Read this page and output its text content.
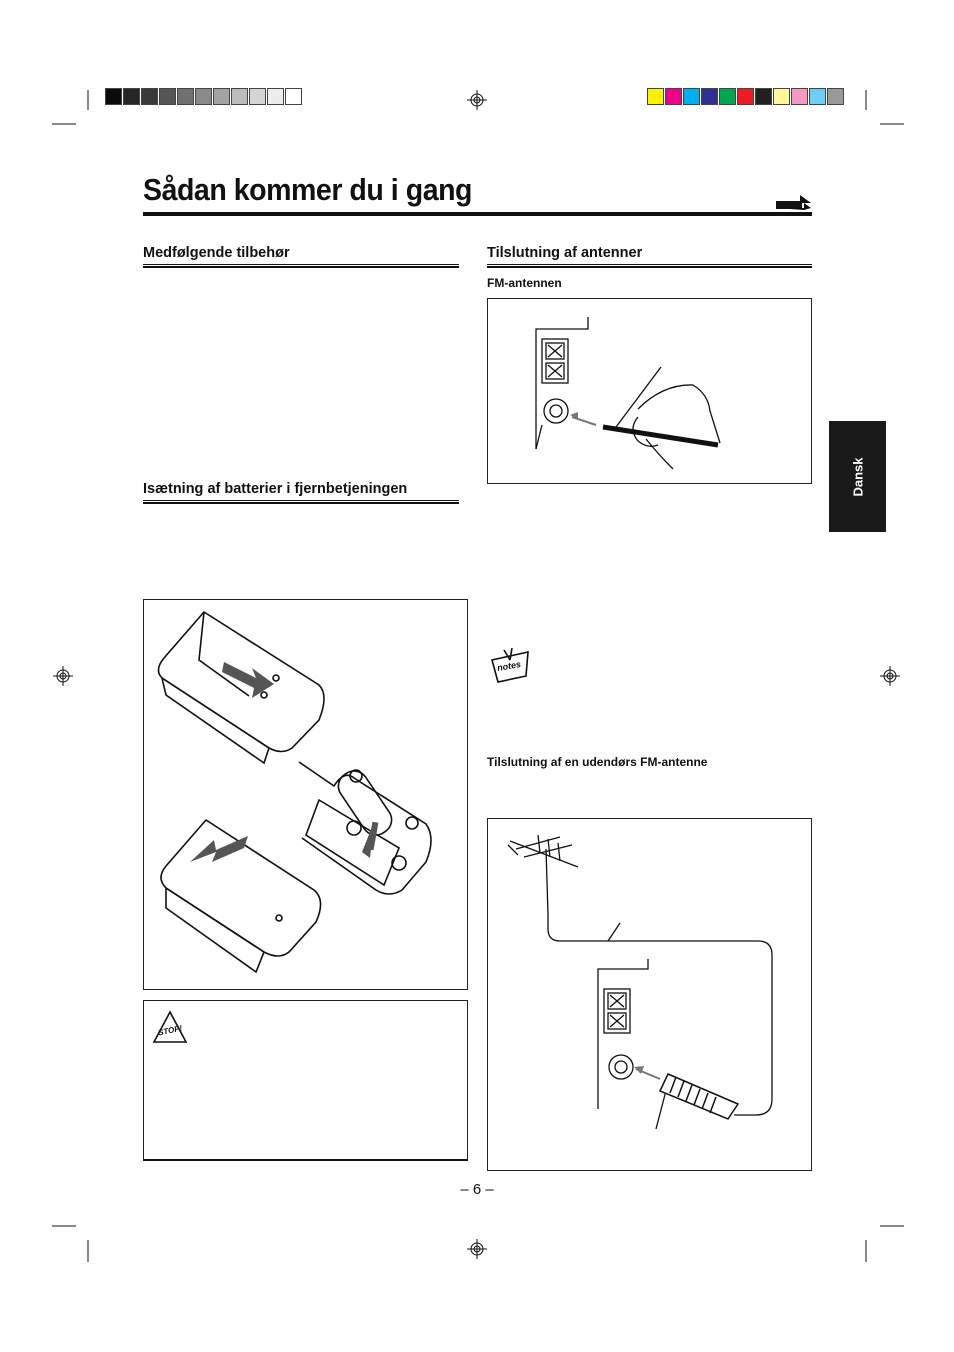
Sådan kommer du i gang
Medfølgende tilbehør
Isætning af batterier i fjernbetjeningen
STOP!
Tilslutning af antenner
FM-antennen
notes
Tilslutning af en udendørs FM-antenne
Dansk
– 6 –
